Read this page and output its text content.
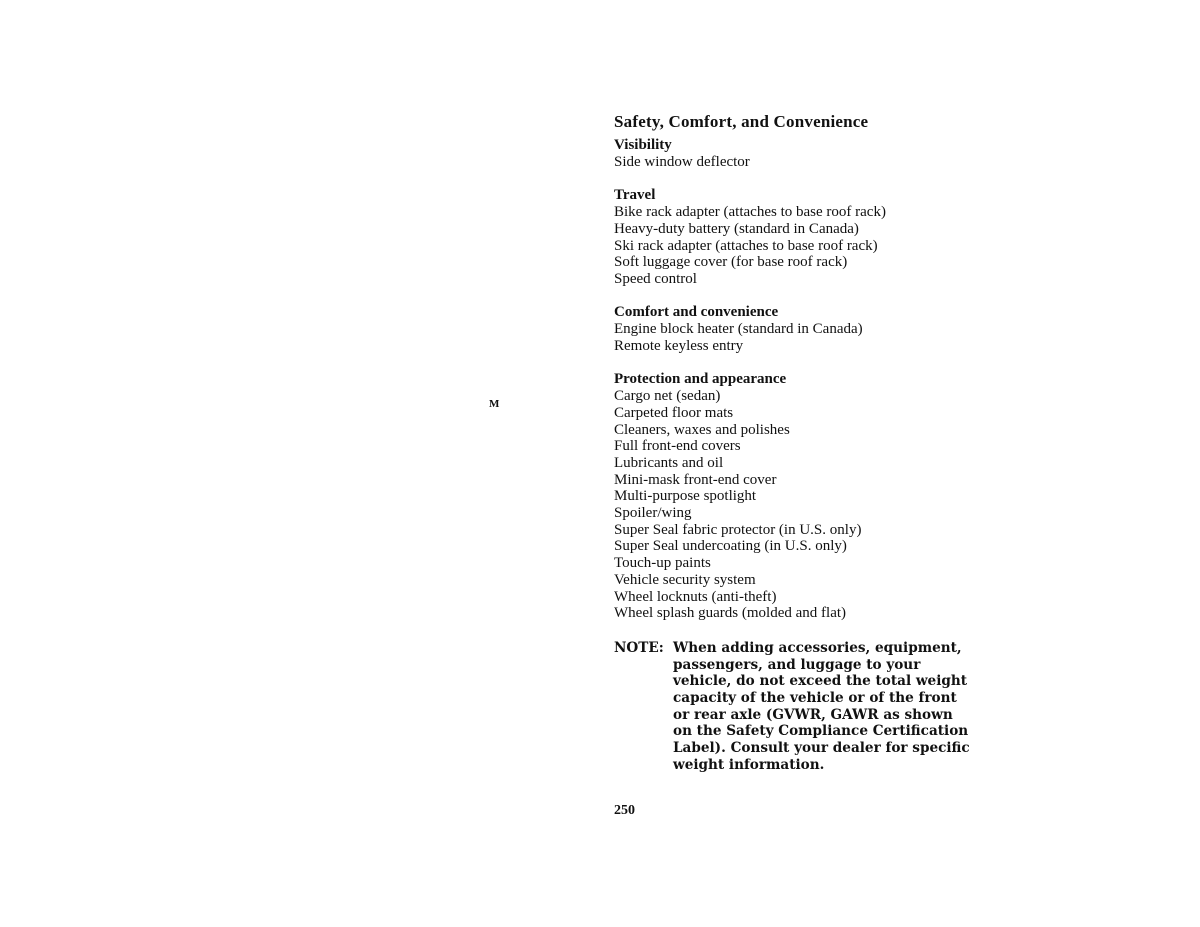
M
Safety, Comfort, and Convenience
Visibility

Side window deflector

Travel

Bike rack adapter (attaches to base roof rack)

Heavy-duty battery (standard in Canada)

Ski rack adapter (attaches to base roof rack)

Soft luggage cover (for base roof rack)

Speed control

Comfort and convenience

Engine block heater (standard in Canada)

Remote keyless entry

Protection and appearance

Cargo net (sedan)

Carpeted floor mats

Cleaners, waxes and polishes

Full front-end covers

Lubricants and oil

Mini-mask front-end cover

Multi-purpose spotlight

Spoiler/wing

Super Seal fabric protector (in U.S. only)

Super Seal undercoating (in U.S. only)

Touch-up paints

Vehicle security system

Wheel locknuts (anti-theft)

Wheel splash guards (molded and flat)

NOTE: When adding accessories, equipment,
passengers, and luggage to your
vehicle, do not exceed the total weight
capacity of the vehicle or of the front
or rear axle (GVWR, GAWR as shown
on the Safety Compliance Certification
Label). Consult your dealer for specific
weight information.
250
